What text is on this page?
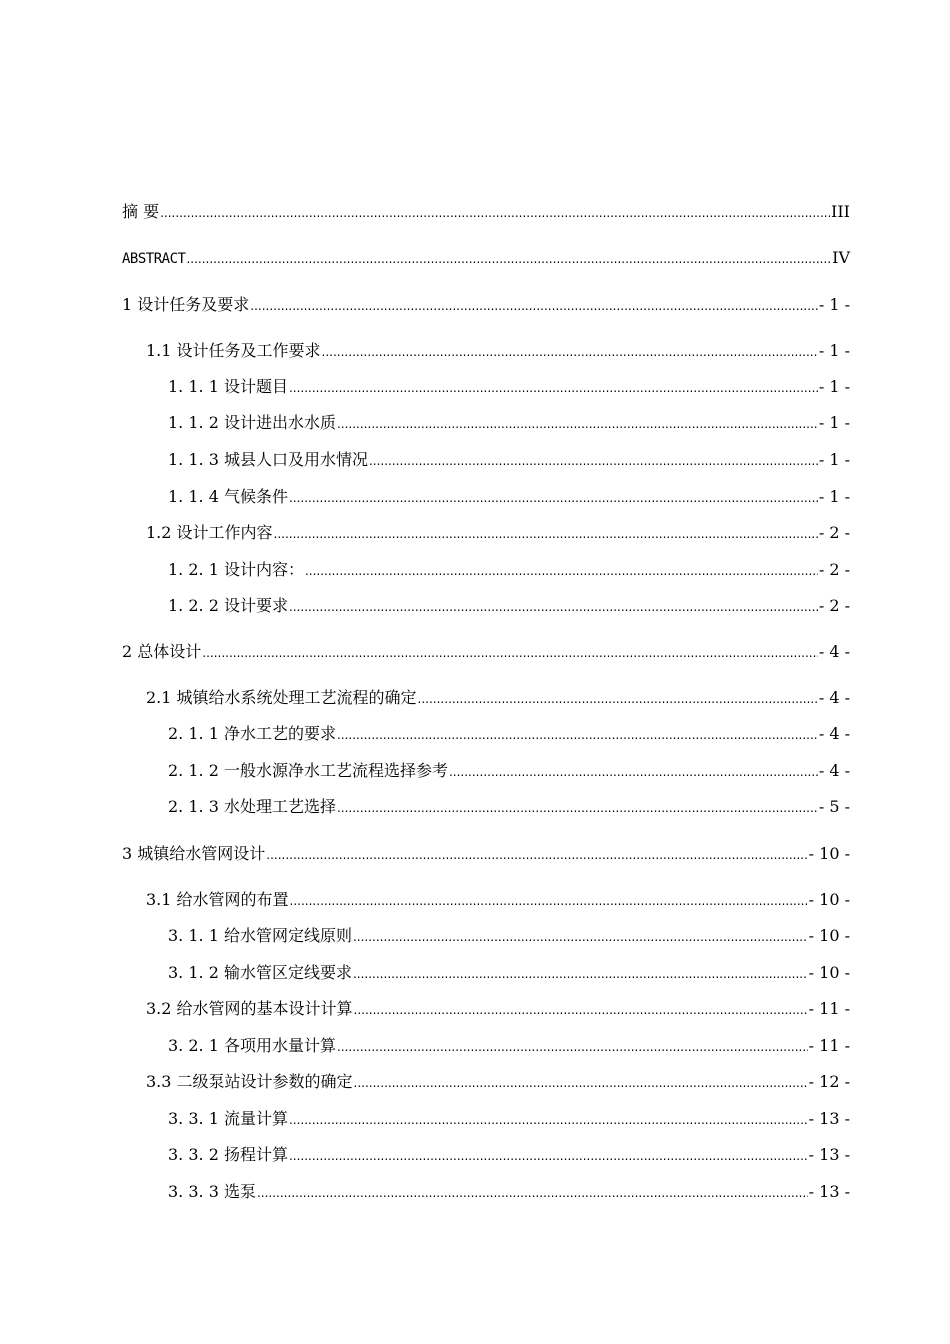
摘 要 .....	III
ABSTRACT .....	IV
1 设计任务及要求 .....	- 1 -
1.1 设计任务及工作要求 .....	- 1 -
1. 1. 1 设计题目 .....	- 1 -
1. 1. 2 设计进出水水质 .....	- 1 -
1. 1. 3 城县人口及用水情况 .....	- 1 -
1. 1. 4 气候条件 .....	- 1 -
1.2 设计工作内容 .....	- 2 -
1. 2. 1 设计内容： .....	- 2 -
1. 2. 2 设计要求 .....	- 2 -
2 总体设计 .....	- 4 -
2.1 城镇给水系统处理工艺流程的确定 .....	- 4 -
2. 1. 1 净水工艺的要求 .....	- 4 -
2. 1. 2 一般水源净水工艺流程选择参考 .....	- 4 -
2. 1. 3 水处理工艺选择 .....	- 5 -
3 城镇给水管网设计 .....	- 10 -
3.1 给水管网的布置 .....	- 10 -
3. 1. 1 给水管网定线原则 .....	- 10 -
3. 1. 2 输水管区定线要求 .....	- 10 -
3.2 给水管网的基本设计计算 .....	- 11 -
3. 2. 1 各项用水量计算 .....	- 11 -
3.3 二级泵站设计参数的确定 .....	- 12 -
3. 3. 1 流量计算 .....	- 13 -
3. 3. 2 扬程计算 .....	- 13 -
3. 3. 3 选泵 .....	- 13 -
